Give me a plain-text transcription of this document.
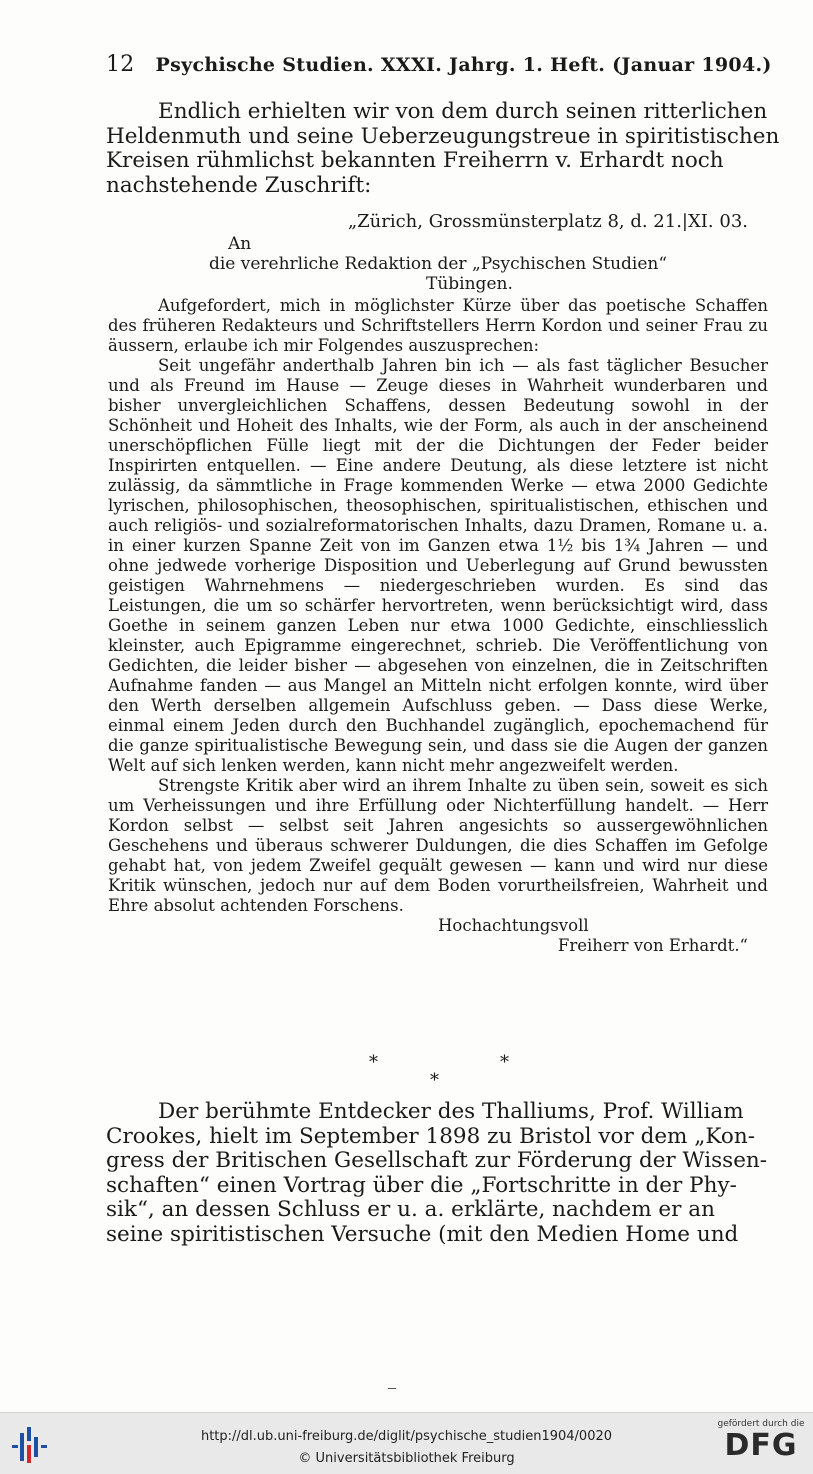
12 Psychische Studien. XXXI. Jahrg. 1. Heft. (Januar 1904.)

Endlich erhielten wir von dem durch seinen ritterlichen

Heldenmuth und seine Ueberzeugungstreue in spiritistischen

Kreisen rühmlichst bekannten Freiherrn v. Erhardt noch

nachstehende Zuschrift:

„Zürich, Grossmünsterplatz 8, d. 21.|XI. 03.

An

die verehrliche Redaktion der „Psychischen Studien“

Tübingen.

Aufgefordert, mich in möglichster Kürze über das poetische Schaffen des früheren Redakteurs und Schriftstellers Herrn Kordon und seiner Frau zu äussern, erlaube ich mir Folgendes auszusprechen:

Seit ungefähr anderthalb Jahren bin ich — als fast täglicher Besucher und als Freund im Hause — Zeuge dieses in Wahrheit wunderbaren und bisher unvergleichlichen Schaffens, dessen Bedeutung sowohl in der Schönheit und Hoheit des Inhalts, wie der Form, als auch in der anscheinend unerschöpflichen Fülle liegt mit der die Dichtungen der Feder beider Inspirirten entquellen. — Eine andere Deutung, als diese letztere ist nicht zulässig, da sämmtliche in Frage kommenden Werke — etwa 2000 Gedichte lyrischen, philosophischen, theosophischen, spiritualistischen, ethischen und auch religiös- und sozialreformatorischen Inhalts, dazu Dramen, Romane u. a. in einer kurzen Spanne Zeit von im Ganzen etwa 1½ bis 1¾ Jahren — und ohne jedwede vorherige Disposition und Ueberlegung auf Grund bewussten geistigen Wahrnehmens — niedergeschrieben wurden. Es sind das Leistungen, die um so schärfer hervortreten, wenn berücksichtigt wird, dass Goethe in seinem ganzen Leben nur etwa 1000 Gedichte, einschliesslich kleinster, auch Epigramme eingerechnet, schrieb. Die Veröffentlichung von Gedichten, die leider bisher — abgesehen von einzelnen, die in Zeitschriften Aufnahme fanden — aus Mangel an Mitteln nicht erfolgen konnte, wird über den Werth derselben allgemein Aufschluss geben. — Dass diese Werke, einmal einem Jeden durch den Buchhandel zugänglich, epochemachend für die ganze spiritualistische Bewegung sein, und dass sie die Augen der ganzen Welt auf sich lenken werden, kann nicht mehr angezweifelt werden.

Strengste Kritik aber wird an ihrem Inhalte zu üben sein, soweit es sich um Verheissungen und ihre Erfüllung oder Nichterfüllung handelt. — Herr Kordon selbst — selbst seit Jahren angesichts so aussergewöhnlichen Geschehens und überaus schwerer Duldungen, die dies Schaffen im Gefolge gehabt hat, von jedem Zweifel gequält gewesen — kann und wird nur diese Kritik wünschen, jedoch nur auf dem Boden vorurtheilsfreien, Wahrheit und Ehre absolut achtenden Forschens.

Hochachtungsvoll

Freiherr von Erhardt.“

*	*
*

Der berühmte Entdecker des Thalliums, Prof. William

Crookes, hielt im September 1898 zu Bristol vor dem „Kon-

gress der Britischen Gesellschaft zur Förderung der Wissen-

schaften“ einen Vortrag über die „Fortschritte in der Phy-

sik“, an dessen Schluss er u. a. erklärte, nachdem er an

seine spiritistischen Versuche (mit den Medien Home und

http://dl.ub.uni-freiburg.de/diglit/psychische_studien1904/0020
© Universitätsbibliothek Freiburg
gefördert durch die
DFG
